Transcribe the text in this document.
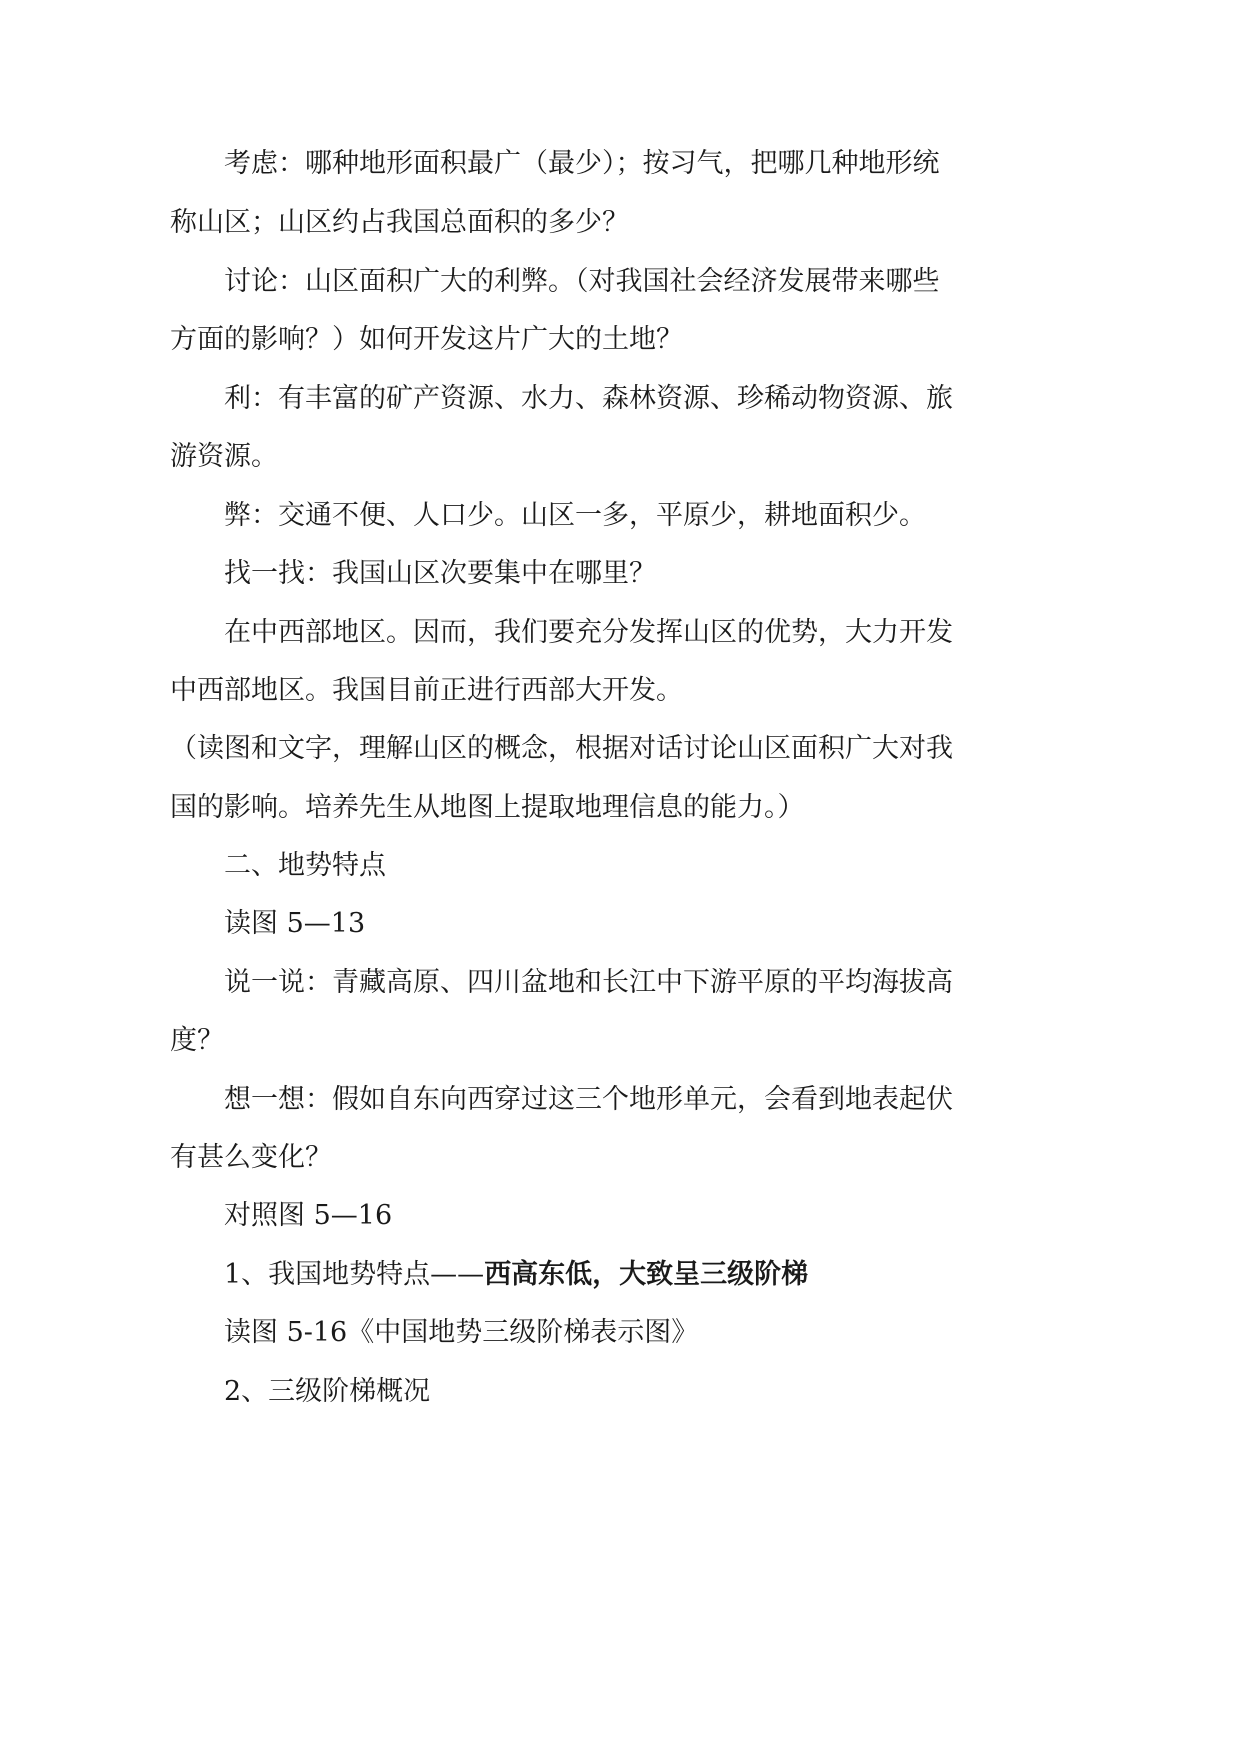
考虑：哪种地形面积最广（最少）；按习气，把哪几种地形统
称山区；山区约占我国总面积的多少？
讨论：山区面积广大的利弊。（对我国社会经济发展带来哪些
方面的影响？）如何开发这片广大的土地？
利：有丰富的矿产资源、水力、森林资源、珍稀动物资源、旅
游资源。
弊：交通不便、人口少。山区一多，平原少，耕地面积少。
找一找：我国山区次要集中在哪里？
在中西部地区。因而，我们要充分发挥山区的优势，大力开发
中西部地区。我国目前正进行西部大开发。
（读图和文字，理解山区的概念，根据对话讨论山区面积广大对我
国的影响。培养先生从地图上提取地理信息的能力。）
二、地势特点
读图 5—13
说一说：青藏高原、四川盆地和长江中下游平原的平均海拔高
度？
想一想：假如自东向西穿过这三个地形单元，会看到地表起伏
有甚么变化？
对照图 5—16
1、我国地势特点——西高东低，大致呈三级阶梯
读图 5-16《中国地势三级阶梯表示图》
2、三级阶梯概况
